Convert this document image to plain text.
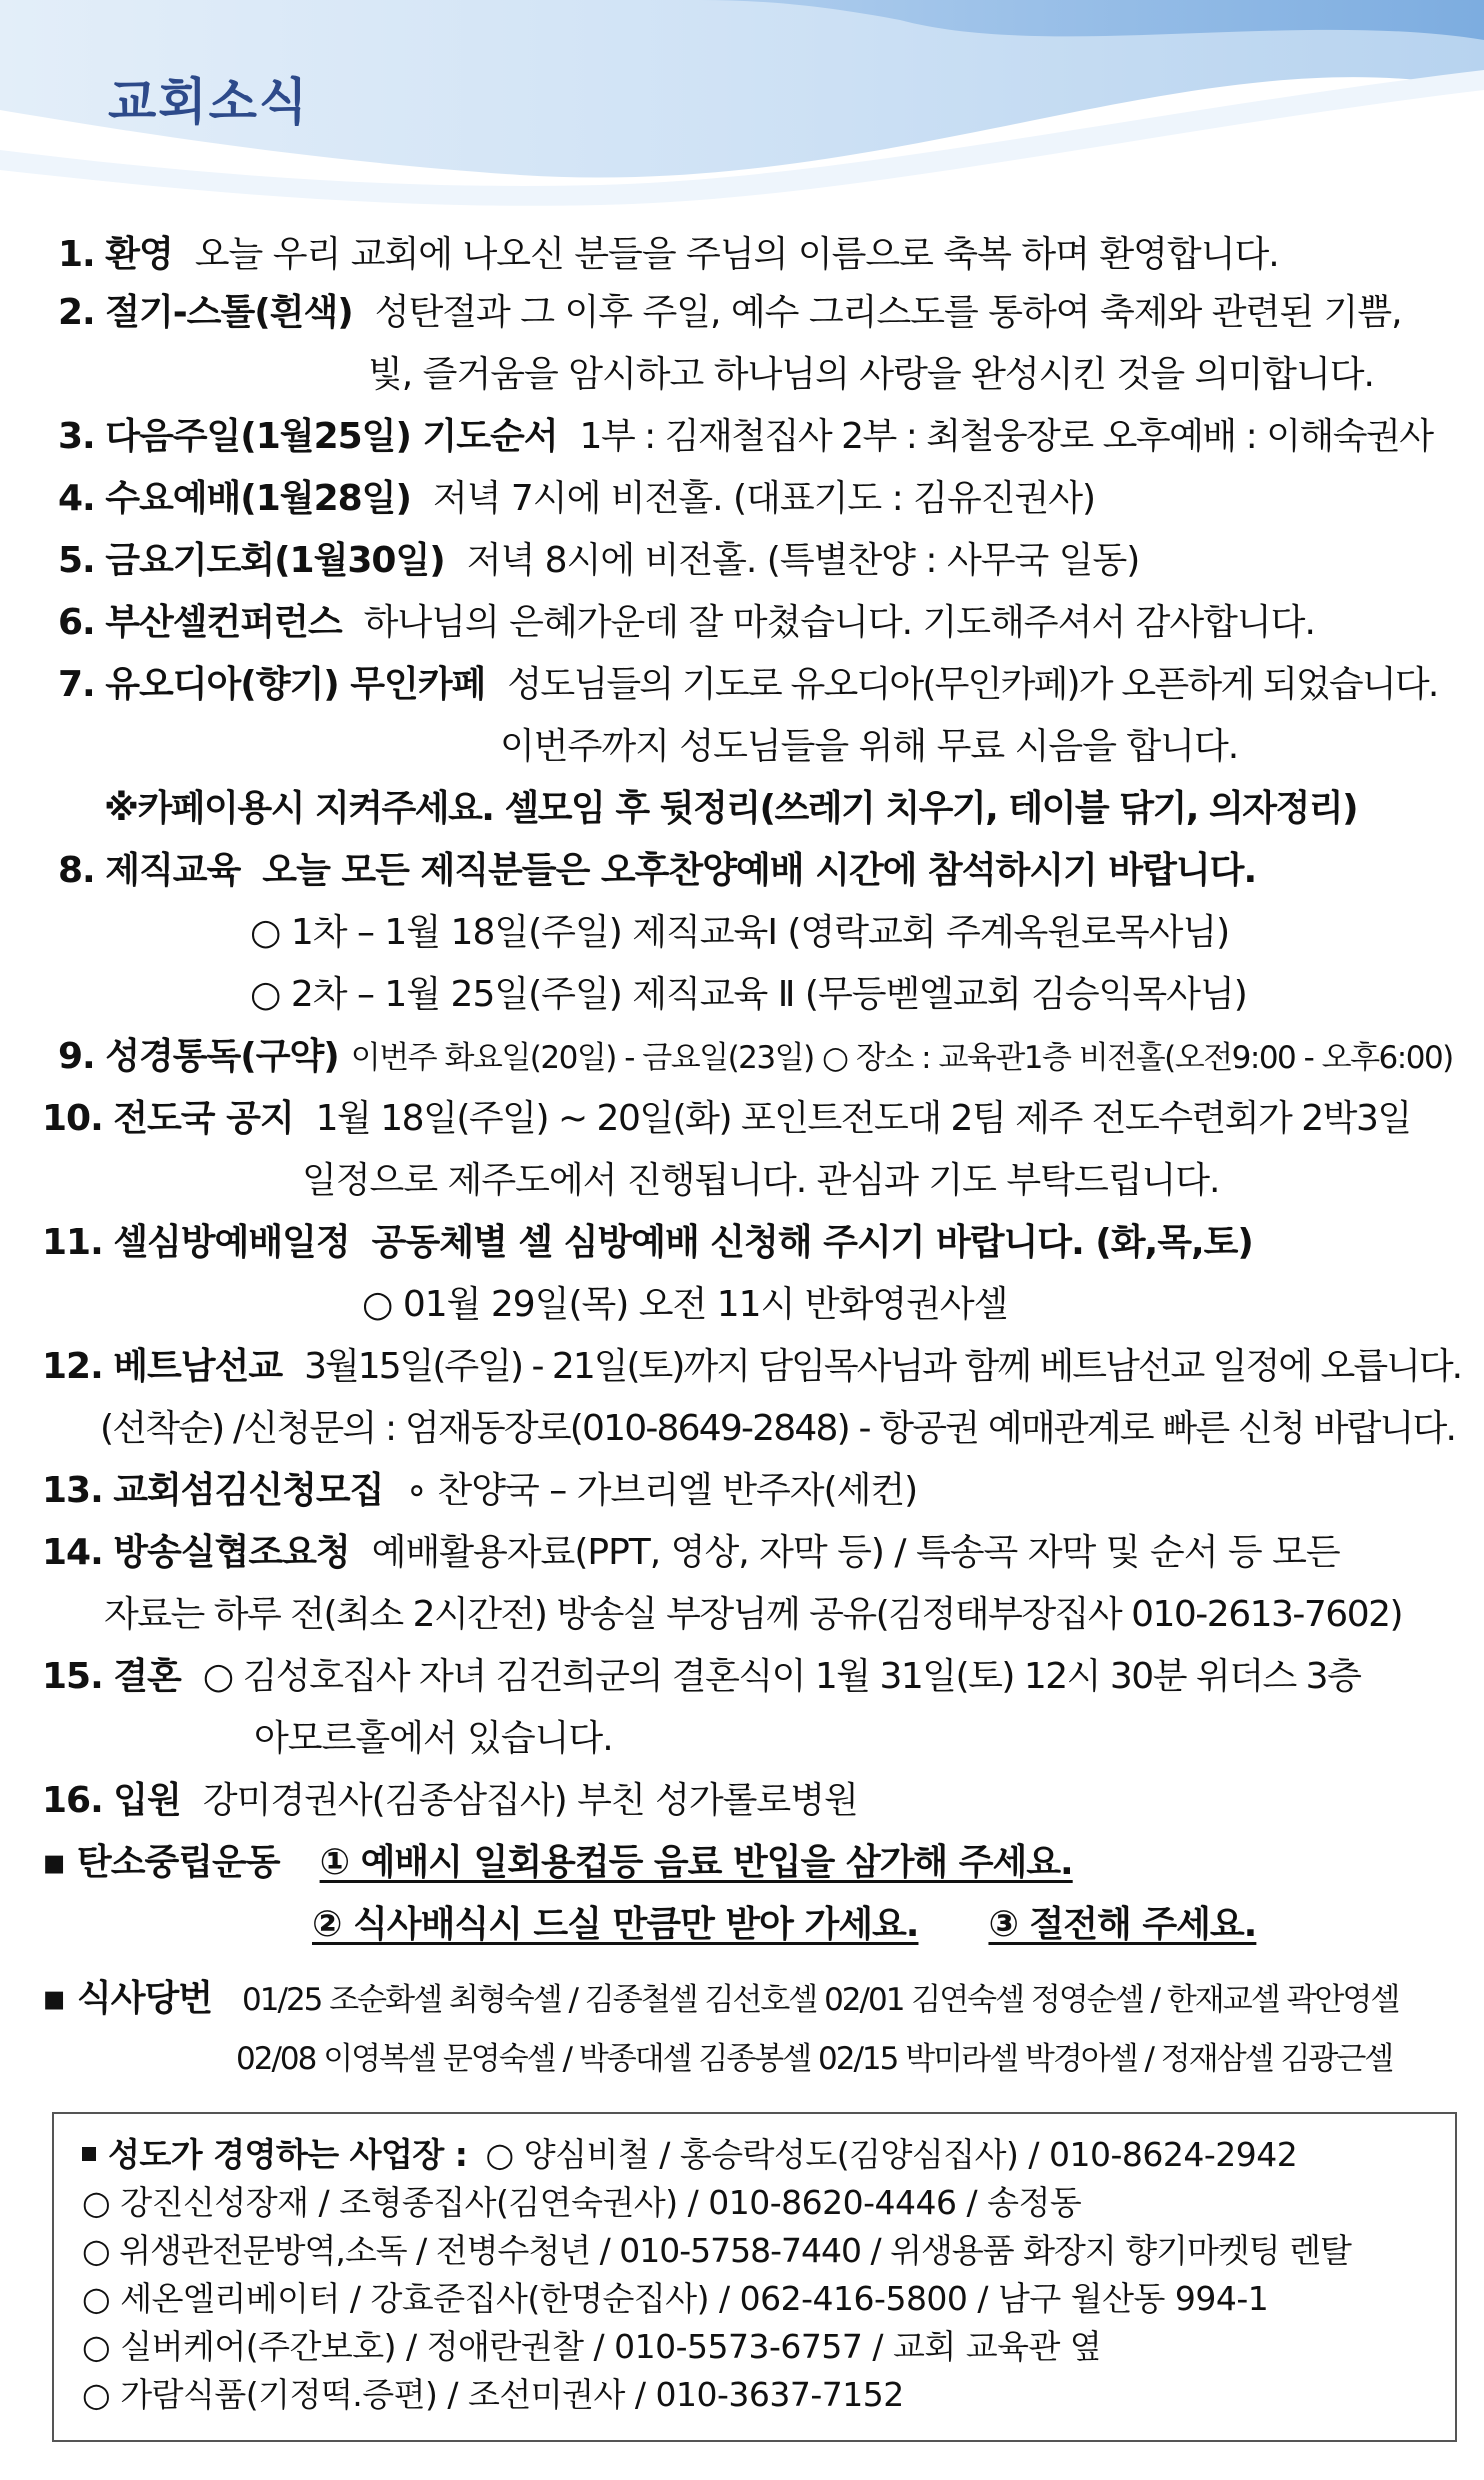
교회소식
1. 환영 오늘 우리 교회에 나오신 분들을 주님의 이름으로 축복 하며 환영합니다.
2. 절기-스톨(흰색) 성탄절과 그 이후 주일, 예수 그리스도를 통하여 축제와 관련된 기쁨,
빛, 즐거움을 암시하고 하나님의 사랑을 완성시킨 것을 의미합니다.
3. 다음주일(1월25일) 기도순서 1부 : 김재철집사 2부 : 최철웅장로 오후예배 : 이해숙권사
4. 수요예배(1월28일) 저녁 7시에 비전홀. (대표기도 : 김유진권사)
5. 금요기도회(1월30일) 저녁 8시에 비전홀. (특별찬양 : 사무국 일동)
6. 부산셀컨퍼런스 하나님의 은혜가운데 잘 마쳤습니다. 기도해주셔서 감사합니다.
7. 유오디아(향기) 무인카페 성도님들의 기도로 유오디아(무인카페)가 오픈하게 되었습니다.
이번주까지 성도님들을 위해 무료 시음을 합니다.
※카페이용시 지켜주세요. 셀모임 후 뒷정리(쓰레기 치우기, 테이블 닦기, 의자정리)
8. 제직교육 오늘 모든 제직분들은 오후찬양예배 시간에 참석하시기 바랍니다.
○ 1차 – 1월 18일(주일) 제직교육Ⅰ (영락교회 주계옥원로목사님)
○ 2차 – 1월 25일(주일) 제직교육 Ⅱ (무등벧엘교회 김승익목사님)
9. 성경통독(구약) 이번주 화요일(20일) - 금요일(23일) ○ 장소 : 교육관1층 비전홀(오전9:00 - 오후6:00)
10. 전도국 공지 1월 18일(주일) ~ 20일(화) 포인트전도대 2팀 제주 전도수련회가 2박3일
일정으로 제주도에서 진행됩니다. 관심과 기도 부탁드립니다.
11. 셀심방예배일정 공동체별 셀 심방예배 신청해 주시기 바랍니다. (화,목,토)
○ 01월 29일(목) 오전 11시 반화영권사셀
12. 베트남선교 3월15일(주일) - 21일(토)까지 담임목사님과 함께 베트남선교 일정에 오릅니다.
(선착순) /신청문의 : 엄재동장로(010-8649-2848) - 항공권 예매관계로 빠른 신청 바랍니다.
13. 교회섬김신청모집 ∘ 찬양국 – 가브리엘 반주자(세컨)
14. 방송실협조요청 예배활용자료(PPT, 영상, 자막 등) / 특송곡 자막 및 순서 등 모든
자료는 하루 전(최소 2시간전) 방송실 부장님께 공유(김정태부장집사 010-2613-7602)
15. 결혼 ○ 김성호집사 자녀 김건희군의 결혼식이 1월 31일(토) 12시 30분 위더스 3층
아모르홀에서 있습니다.
16. 입원 강미경권사(김종삼집사) 부친 성가롤로병원
▪ 탄소중립운동 ① 예배시 일회용컵등 음료 반입을 삼가해 주세요.
② 식사배식시 드실 만큼만 받아 가세요. ③ 절전해 주세요.
▪ 식사당번 01/25 조순화셀 최형숙셀 / 김종철셀 김선호셀 02/01 김연숙셀 정영순셀 / 한재교셀 곽안영셀
02/08 이영복셀 문영숙셀 / 박종대셀 김종봉셀 02/15 박미라셀 박경아셀 / 정재삼셀 김광근셀
성도가 경영하는 사업장 : ○ 양심비철 / 홍승락성도(김양심집사) / 010-8624-2942
○ 강진신성장재 / 조형종집사(김연숙권사) / 010-8620-4446 / 송정동
○ 위생관전문방역,소독 / 전병수청년 / 010-5758-7440 / 위생용품 화장지 향기마켓팅 렌탈
○ 세온엘리베이터 / 강효준집사(한명순집사) / 062-416-5800 / 남구 월산동 994-1
○ 실버케어(주간보호) / 정애란권찰 / 010-5573-6757 / 교회 교육관 옆
○ 가람식품(기정떡.증편) / 조선미권사 / 010-3637-7152
